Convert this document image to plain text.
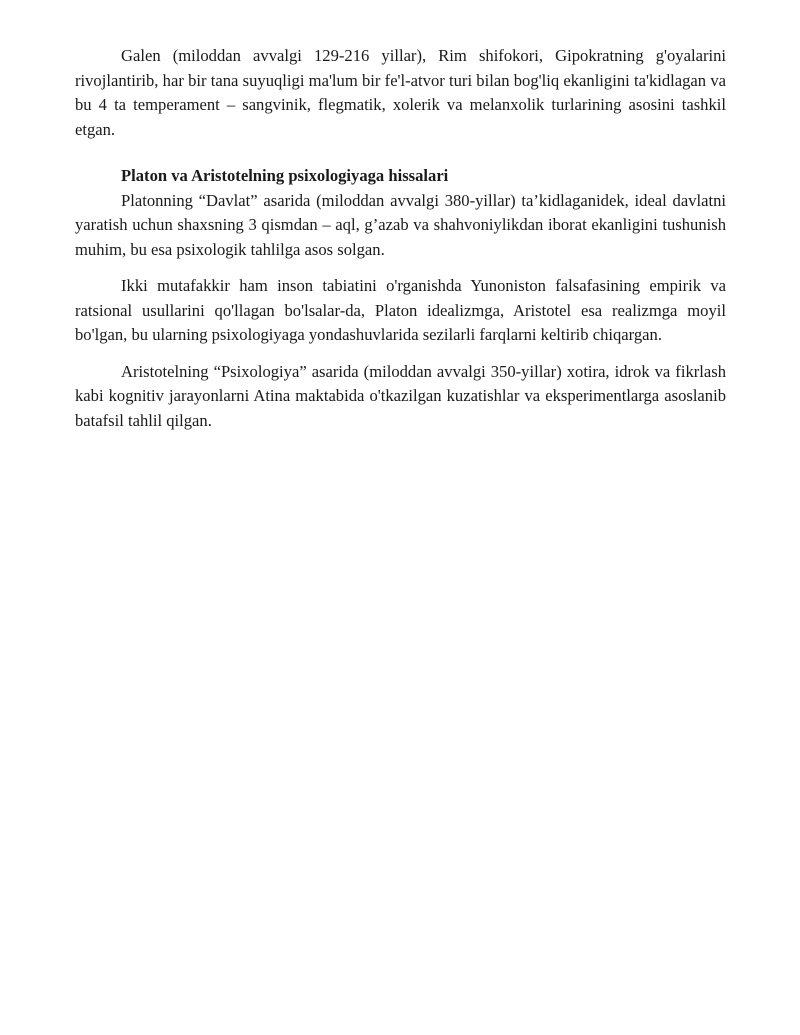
Galen (miloddan avvalgi 129-216 yillar), Rim shifokori, Gipokratning g'oyalarini rivojlantirib, har bir tana suyuqligi ma'lum bir fe'l-atvor turi bilan bog'liq ekanligini ta'kidlagan va bu 4 ta temperament – sangvinik, flegmatik, xolerik va melanxolik turlarining asosini tashkil etgan.

Platon va Aristotelning psixologiyaga hissalari

Platonning “Davlat” asarida (miloddan avvalgi 380-yillar) ta’kidlaganidek, ideal davlatni yaratish uchun shaxsning 3 qismdan – aql, g’azab va shahvoniylikdan iborat ekanligini tushunish muhim, bu esa psixologik tahlilga asos solgan.

Ikki mutafakkir ham inson tabiatini o'rganishda Yunoniston falsafasining empirik va ratsional usullarini qo'llagan bo'lsalar-da, Platon idealizmga, Aristotel esa realizmga moyil bo'lgan, bu ularning psixologiyaga yondashuvlarida sezilarli farqlarni keltirib chiqargan.

Aristotelning “Psixologiya” asarida (miloddan avvalgi 350-yillar) xotira, idrok va fikrlash kabi kognitiv jarayonlarni Atina maktabida o'tkazilgan kuzatishlar va eksperimentlarga asoslanib batafsil tahlil qilgan.
